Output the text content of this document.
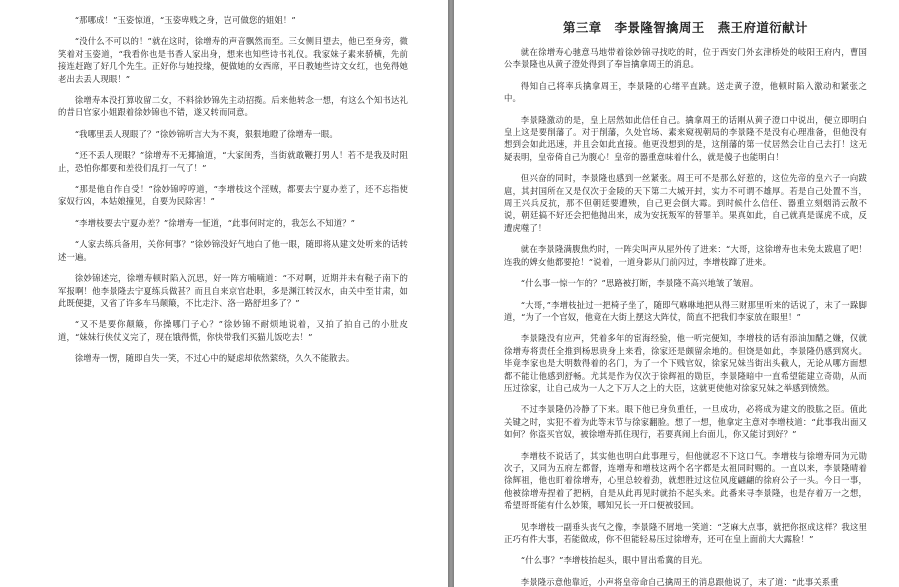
“那哪成！”玉姿惊道，“玉姿卑贱之身，岂可做您的姐姐！”

“没什么不可以的！”就在这时，徐增寿的声音飘然而至。三女侧目望去，他已至身旁，微笑着对玉姿道，“我看你也是书香人家出身，想来也知些诗书礼仪。我家妹子素来骄横，先前接连赶跑了好几个先生。正好你与她投缘，便做她的女西席，平日教她些诗文女红，也免得她老出去丢人现眼！”

徐增寿本没打算收留二女，不料徐妙锦先主动招揽。后来他转念一想，有这么个知书达礼的昔日官家小姐跟着徐妙锦也不错，遂又转而同意。

“我哪里丢人现眼了？”徐妙锦听言大为不爽，狠狠地瞪了徐增寿一眼。

“还不丢人现眼？”徐增寿不无揶揄道，“大家闺秀，当街就敢鞭打男人！若不是我及时阻止，恐怕你都要和差役们乱打一气了！”

“那是他自作自受！”徐妙锦哼哼道，“李增枝这个淫贼，都要去宁夏办差了，还不忘指使家奴行凶，本姑娘撞见，自要为民除害！”

“李增枝要去宁夏办差？”徐增寿一怔道，“此事何时定的，我怎么不知道？”

“人家去练兵备用，关你何事？”徐妙锦没好气地白了他一眼，随即将从建文处听来的话转述一遍。

徐妙锦述完，徐增寿顿时陷入沉思，好一阵方喃喃道：“不对啊，近期并未有鞑子南下的军报啊！他李景隆去宁夏练兵做甚？而且自来京官赴职，多是渊江转汉水，由关中至甘肃，如此既便捷，又省了许多车马颠簸，不比走汴、洛一路舒坦多了？”

“又不是要你颠簸，你操哪门子心？”徐妙锦不耐烦地说着，又拍了拍自己的小肚皮道，“妹妹行侠仗义完了，现在饿得慌，你快带我们买猫儿饭吃去！”

徐增寿一愣，随即自失一笑，不过心中的疑虑却依然萦绕，久久不能散去。

第三章　李景隆智擒周王　燕王府道衍献计

就在徐增寿心驰意马地带着徐妙锦寻找吃的时，位于西安门外玄津桥处的岐阳王府内，曹国公李景隆也从黄子澄处得到了奉旨擒拿周王的消息。

得知自己将率兵擒拿周王，李景隆的心绪平直跳。送走黄子澄，他顿时陷入激动和紧张之中。

李景隆激动的是，皇上居然如此信任自己。擒拿周王的话刚从黄子澄口中说出，便立即明白皇上这是要削藩了。对于削藩，久处官场、素来窥视朝局的李景隆不是没有心理准备，但他没有想到会如此迅速，并且会如此直接。他更没想到的是，这削藩的第一仗居然会让自己去打！这无疑表明，皇帝倚自己为腹心！皇帝的器重意味着什么，就是傻子也能明白！

但兴奋的同时，李景隆也感到一丝紧张。周王可不是那么好惹的，这位先帝的皇六子一向跋扈，其封国所在又是仅次于金陵的天下第二大城开封，实力不可谓不雄厚。若是自己处置不当，周王兴兵反抗，那不但朝廷要遭殃，自己更会倒大霉。到时候什么信任、器重立刻烟消云散不说，朝廷搞不好还会把他抛出来，成为安抚叛军的替罪羊。果真如此，自己就真是谋虎不成，反遭虎噬了！

就在李景隆满腹焦灼时，一阵尖叫声从屋外传了进来：“大哥，这徐增寿也未免太跋扈了吧！连我的婢女他都要抢！”说着，一道身影从门前闪过，李增枝蹿了进来。

“什么事一惊一乍的？”思路被打断，李景隆不高兴地皱了皱眉。

“大哥，”李增枝扯过一把椅子坐了，随即气咻咻地把从得三财那里听来的话说了，末了一跺脚道，“为了一个官奴，他竟在大街上摆这大阵仗，简直不把我们李家放在眼里！”

李景隆没有应声，凭着多年的宦海经验，他一听完便知，李增枝的话有添油加醋之嫌，仅就徐增寿将责任全推到杨思贵身上来看，徐家还是颇留余地的。但饶是如此，李景隆仍感到窝火。毕竟李家也是大明数得着的名门，为了一个下贱官奴，徐家兄妹当街出头截人，无论从哪方面想都不能让他感到舒畅。尤其是作为仅次于徐辉祖的勋臣，李景隆暗中一直希望能建立奇勋，从而压过徐家，让自己成为一人之下万人之上的大臣，这就更使他对徐家兄妹之举感到愤然。

不过李景隆仍冷静了下来。眼下他已身负重任，一旦成功，必将成为建文的股肱之臣。值此关键之时，实犯不着为此等末节与徐家翻脸。想了一想，他拿定主意对李增枝道：“此事我出面又如何？你盗买官奴，被徐增寿抓住现行，若要真闹上台面儿，你又能讨到好？”

李增枝不说话了，其实他也明白此事理亏，但他就忍不下这口气。李增枝与徐增寿同为元勋次子，又同为五府左都督，连增寿和增枝这两个名字都是太祖同时赐的。一直以来，李景隆晴着徐辉祖，他也盯着徐增寿，心里总较着劲，就想胜过这位风度翩翩的徐府公子一头。今日一事，他被徐增寿捏着了把柄，自是从此再见时就抬不起头来。此番来寻李景隆，也是存着万一之想，希望哥哥能有什么妙策，哪知兄长一开口便被驳回。

见李增枝一副垂头丧气之像，李景隆不屑地一笑道：“芝麻大点事，就把你抠成这样？我这里正巧有件大事，若能做成，你不但能轻易压过徐增寿，还可在皇上面前大大露脸！”

“什么事？”李增枝抬起头，眼中冒出希冀的目光。

李景隆示意他靠近，小声将皇帝命自己擒周王的消息跟他说了，末了道：“此事关系重
